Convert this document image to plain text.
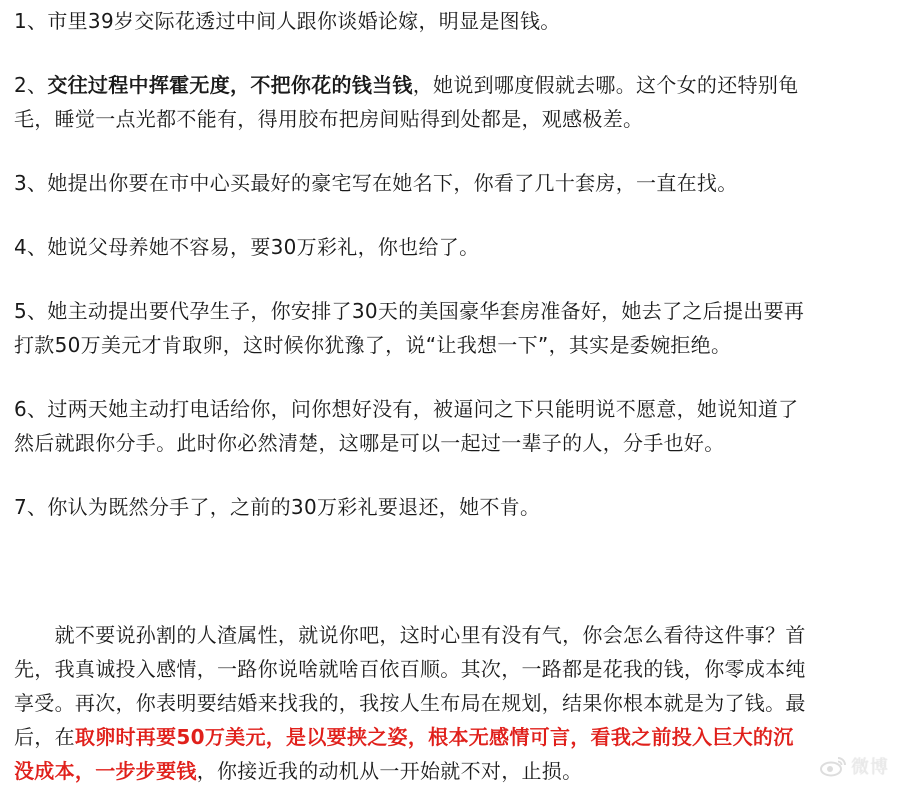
1、市里39岁交际花透过中间人跟你谈婚论嫁，明显是图钱。

2、交往过程中挥霍无度，不把你花的钱当钱，她说到哪度假就去哪。这个女的还特别龟
毛，睡觉一点光都不能有，得用胶布把房间贴得到处都是，观感极差。

3、她提出你要在市中心买最好的豪宅写在她名下，你看了几十套房，一直在找。

4、她说父母养她不容易，要30万彩礼，你也给了。

5、她主动提出要代孕生子，你安排了30天的美国豪华套房准备好，她去了之后提出要再
打款50万美元才肯取卵，这时候你犹豫了，说“让我想一下”，其实是委婉拒绝。

6、过两天她主动打电话给你，问你想好没有，被逼问之下只能明说不愿意，她说知道了
然后就跟你分手。此时你必然清楚，这哪是可以一起过一辈子的人，分手也好。

7、你认为既然分手了，之前的30万彩礼要退还，她不肯。

　　就不要说孙割的人渣属性，就说你吧，这时心里有没有气，你会怎么看待这件事？首
先，我真诚投入感情，一路你说啥就啥百依百顺。其次，一路都是花我的钱，你零成本纯
享受。再次，你表明要结婚来找我的，我按人生布局在规划，结果你根本就是为了钱。最
后，在取卵时再要50万美元，是以要挟之姿，根本无感情可言，看我之前投入巨大的沉
没成本，一步步要钱，你接近我的动机从一开始就不对，止损。	微博
